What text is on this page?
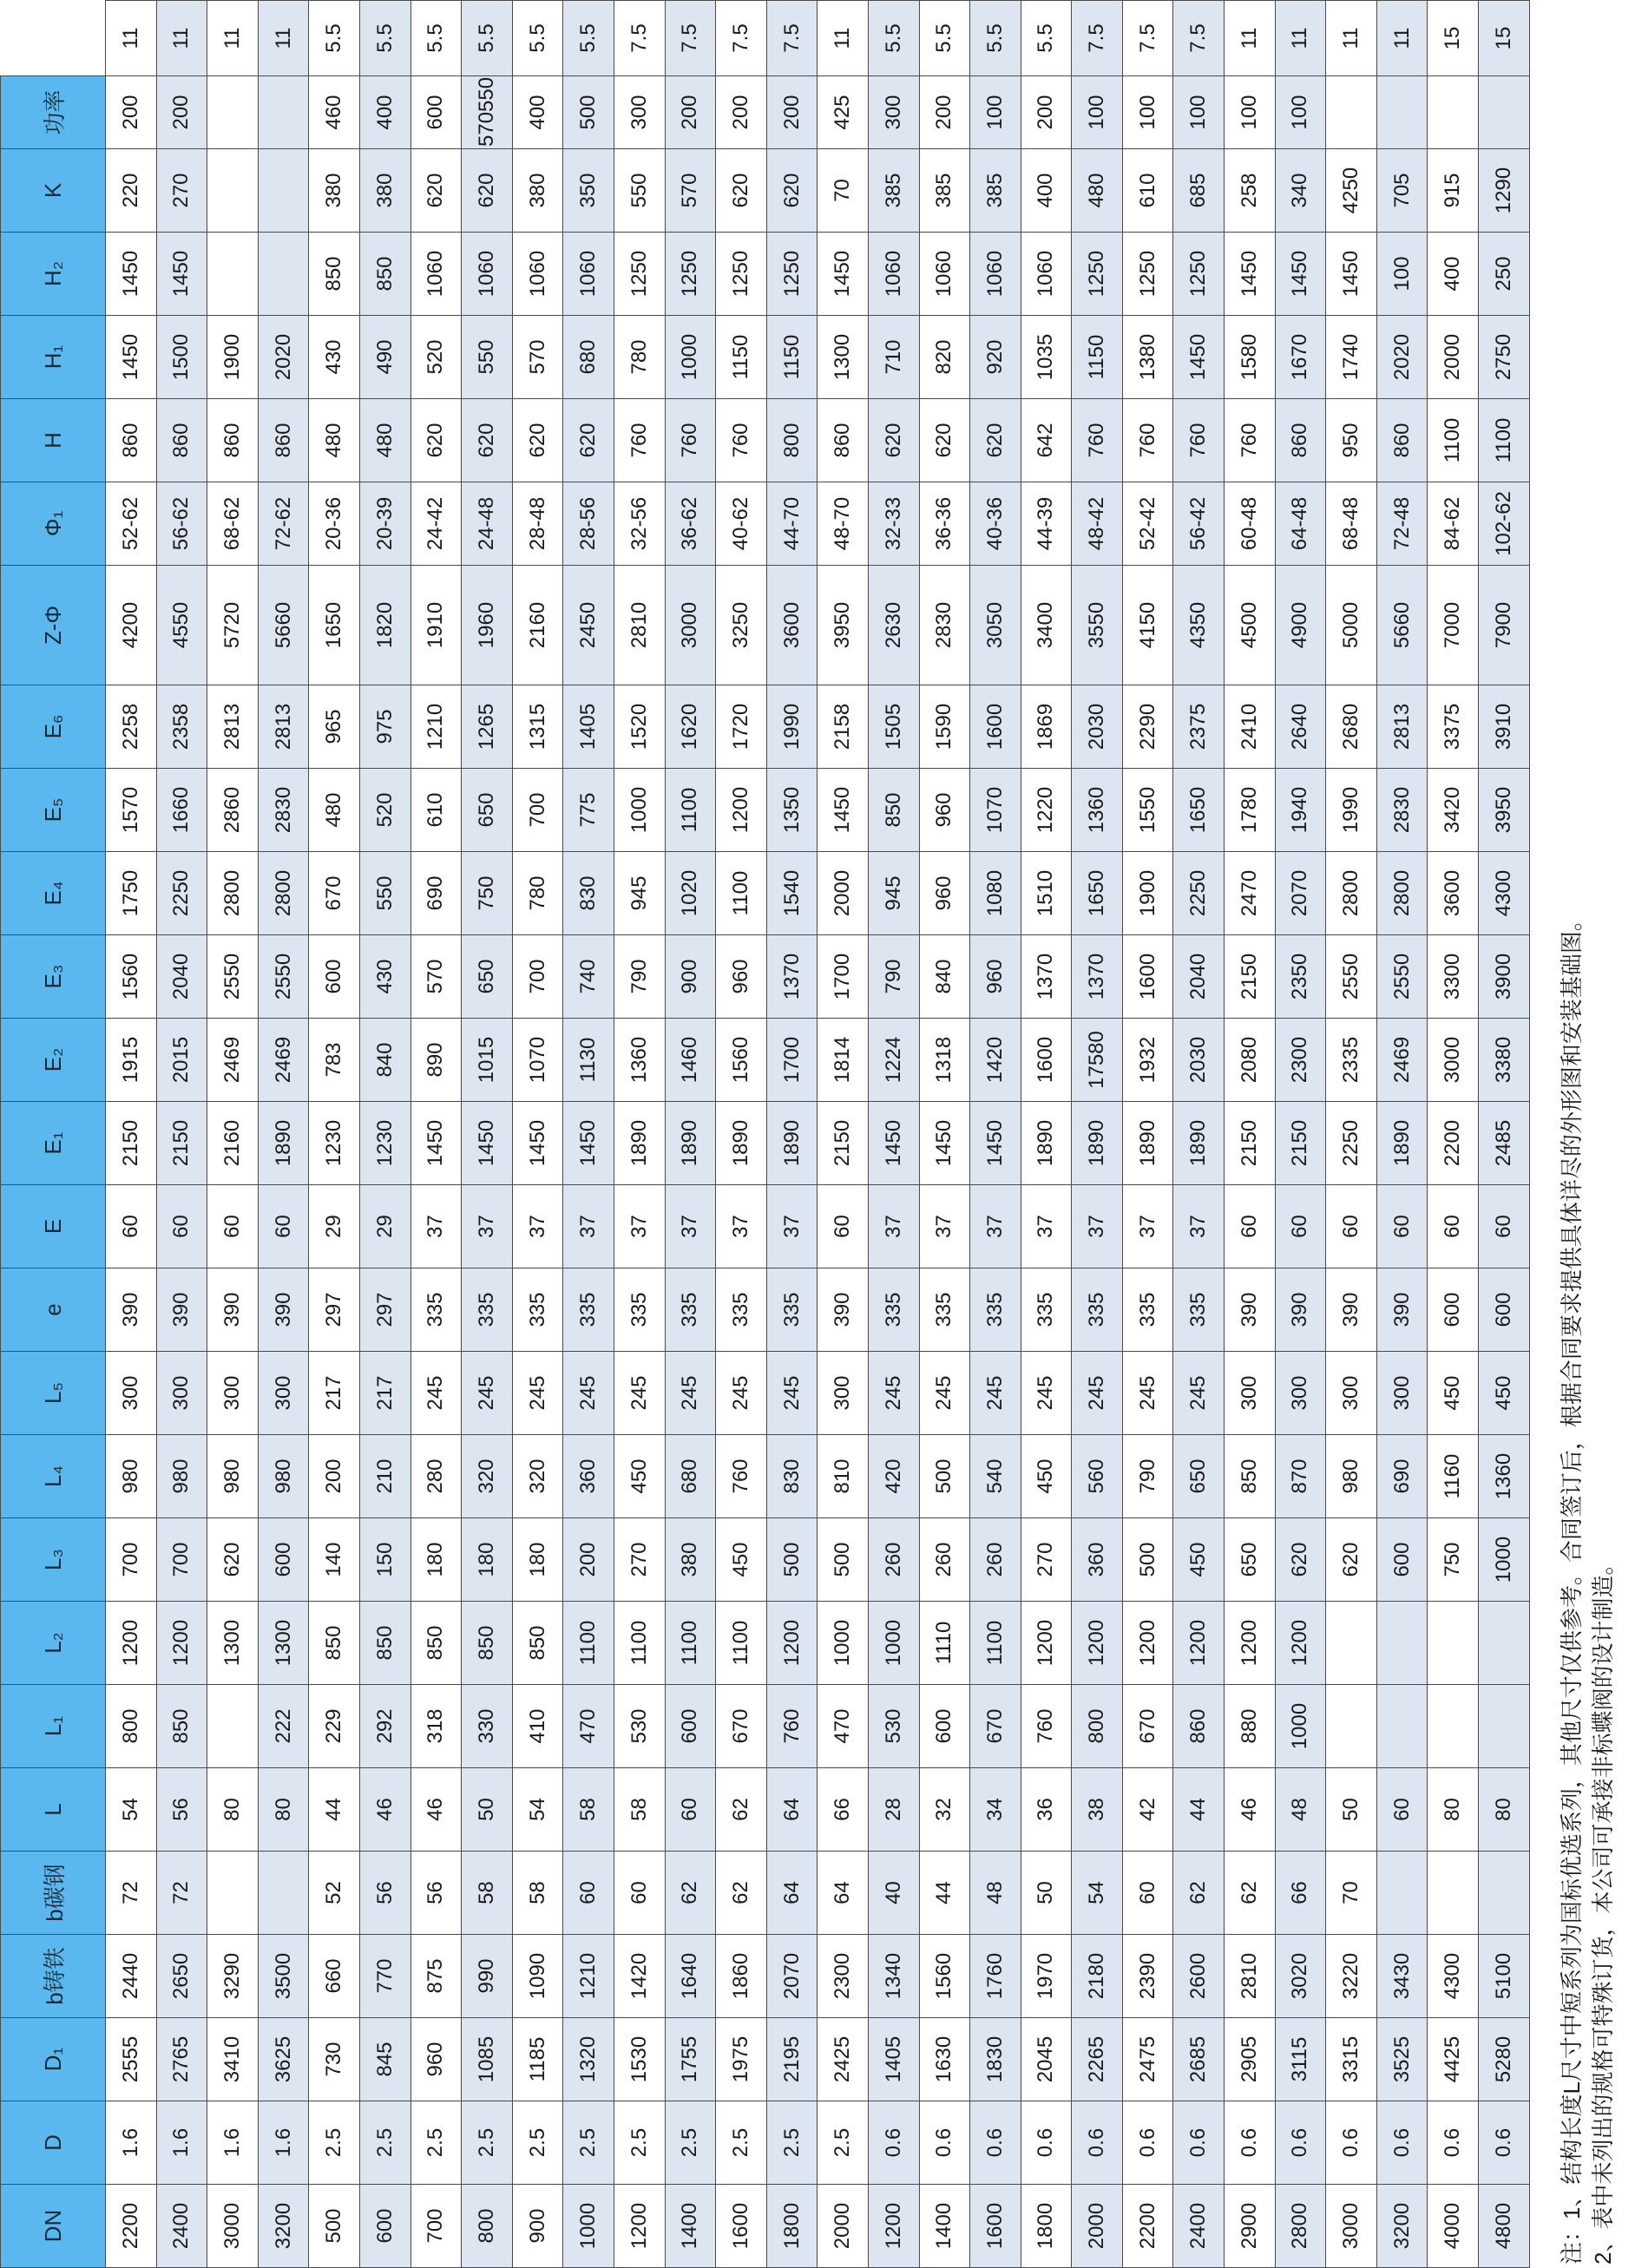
DN	D	D₁	b铸铁	b碳钢	L	L₁	L₂	L₃	L₄	L₅	e	E	E₁	E₂	E₃	E₄	E₅	E₆	Z-Φ	Φ₁	H	H₁	H₂	K	功率	
2200	1.6	2555	2440	72	54	800	1200	700	980	300	390	60	2150	1915	1560	1750	1570	2258	4200	52-62	860	1450	1450	220	200	11
2400	1.6	2765	2650	72	56	850	1200	700	980	300	390	60	2150	2015	2040	2250	1660	2358	4550	56-62	860	1500	1450	270	200	11
3000	1.6	3410	3290		80		1300	620	980	300	390	60	2160	2469	2550	2800	2860	2813	5720	68-62	860	1900				11
3200	1.6	3625	3500		80	222	1300	600	980	300	390	60	1890	2469	2550	2800	2830	2813	5660	72-62	860	2020				11
500	2.5	730	660	52	44	229	850	140	200	217	297	29	1230	783	600	670	480	965	1650	20-36	480	430	850	380	460	5.5
600	2.5	845	770	56	46	292	850	150	210	217	297	29	1230	840	430	550	520	975	1820	20-39	480	490	850	380	400	5.5
700	2.5	960	875	56	46	318	850	180	280	245	335	37	1450	890	570	690	610	1210	1910	24-42	620	520	1060	620	600	5.5
800	2.5	1085	990	58	50	330	850	180	320	245	335	37	1450	1015	650	750	650	1265	1960	24-48	620	550	1060	620	570550	5.5
900	2.5	1185	1090	58	54	410	850	180	320	245	335	37	1450	1070	700	780	700	1315	2160	28-48	620	570	1060	380	400	5.5
1000	2.5	1320	1210	60	58	470	1100	200	360	245	335	37	1450	1130	740	830	775	1405	2450	28-56	620	680	1060	350	500	5.5
1200	2.5	1530	1420	60	58	530	1100	270	450	245	335	37	1890	1360	790	945	1000	1520	2810	32-56	760	780	1250	550	300	7.5
1400	2.5	1755	1640	62	60	600	1100	380	680	245	335	37	1890	1460	900	1020	1100	1620	3000	36-62	760	1000	1250	570	200	7.5
1600	2.5	1975	1860	62	62	670	1100	450	760	245	335	37	1890	1560	960	1100	1200	1720	3250	40-62	760	1150	1250	620	200	7.5
1800	2.5	2195	2070	64	64	760	1200	500	830	245	335	37	1890	1700	1370	1540	1350	1990	3600	44-70	800	1150	1250	620	200	7.5
2000	2.5	2425	2300	64	66	470	1000	500	810	300	390	60	2150	1814	1700	2000	1450	2158	3950	48-70	860	1300	1450	70	425	11
1200	0.6	1405	1340	40	28	530	1000	260	420	245	335	37	1450	1224	790	945	850	1505	2630	32-33	620	710	1060	385	300	5.5
1400	0.6	1630	1560	44	32	600	1110	260	500	245	335	37	1450	1318	840	960	960	1590	2830	36-36	620	820	1060	385	200	5.5
1600	0.6	1830	1760	48	34	670	1100	260	540	245	335	37	1450	1420	960	1080	1070	1600	3050	40-36	620	920	1060	385	100	5.5
1800	0.6	2045	1970	50	36	760	1200	270	450	245	335	37	1890	1600	1370	1510	1220	1869	3400	44-39	642	1035	1060	400	200	5.5
2000	0.6	2265	2180	54	38	800	1200	360	560	245	335	37	1890	17580	1370	1650	1360	2030	3550	48-42	760	1150	1250	480	100	7.5
2200	0.6	2475	2390	60	42	670	1200	500	790	245	335	37	1890	1932	1600	1900	1550	2290	4150	52-42	760	1380	1250	610	100	7.5
2400	0.6	2685	2600	62	44	860	1200	450	650	245	335	37	1890	2030	2040	2250	1650	2375	4350	56-42	760	1450	1250	685	100	7.5
2900	0.6	2905	2810	62	46	880	1200	650	850	300	390	60	2150	2080	2150	2470	1780	2410	4500	60-48	760	1580	1450	258	100	11
2800	0.6	3115	3020	66	48	1000	1200	620	870	300	390	60	2150	2300	2350	2070	1940	2640	4900	64-48	860	1670	1450	340	100	11
3000	0.6	3315	3220	70	50			620	980	300	390	60	2250	2335	2550	2800	1990	2680	5000	68-48	950	1740	1450	4250		11
3200	0.6	3525	3430		60			600	690	300	390	60	1890	2469	2550	2800	2830	2813	5660	72-48	860	2020	100	705		11
4000	0.6	4425	4300		80			750	1160	450	600	60	2200	3000	3300	3600	3420	3375	7000	84-62	1100	2000	400	915		15
4800	0.6	5280	5100		80			1000	1360	450	600	60	2485	3380	3900	4300	3950	3910	7900	102-62	1100	2750	250	1290		15
注：1、结构长度L尺寸中短系列为国标优选系列，其他尺寸仅供参考。合同签订后，根据合同要求提供具体详尽的外形图和安装基础图。 2、表中未列出的规格可特殊订货，本公司可承接非标蝶阀的设计制造。
